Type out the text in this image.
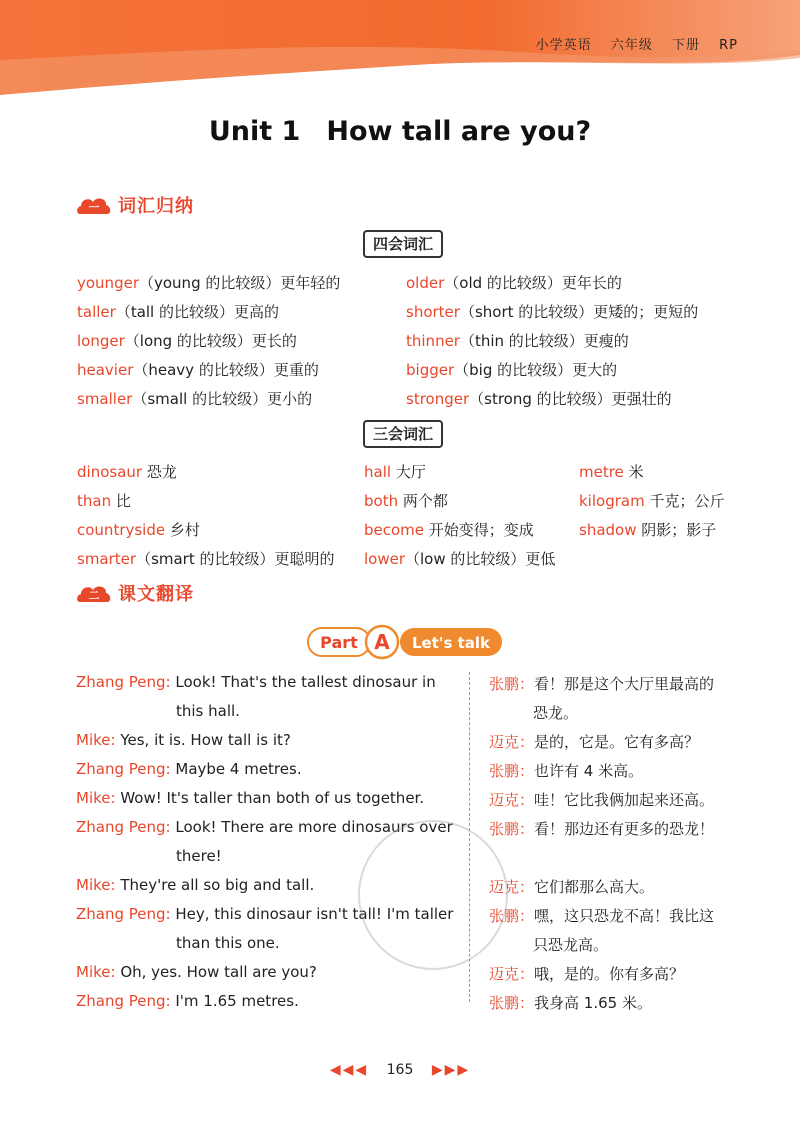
小学英语 六年级 下册 RP
Unit 1 How tall are you?
一 词汇归纳
四会词汇
younger（young 的比较级）更年轻的
taller（tall 的比较级）更高的
longer（long 的比较级）更长的
heavier（heavy 的比较级）更重的
smaller（small 的比较级）更小的
older（old 的比较级）更年长的
shorter（short 的比较级）更矮的；更短的
thinner（thin 的比较级）更瘦的
bigger（big 的比较级）更大的
stronger（strong 的比较级）更强壮的
三会词汇
dinosaur 恐龙
than 比
countryside 乡村
smarter（smart 的比较级）更聪明的
hall 大厅
both 两个都
become 开始变得；变成
lower（low 的比较级）更低
metre 米
kilogram 千克；公斤
shadow 阴影；影子
二 课文翻译
Part A Let's talk
Zhang Peng: Look! That's the tallest dinosaur in
this hall.
Mike: Yes, it is. How tall is it?
Zhang Peng: Maybe 4 metres.
Mike: Wow! It's taller than both of us together.
Zhang Peng: Look! There are more dinosaurs over
there!
Mike: They're all so big and tall.
Zhang Peng: Hey, this dinosaur isn't tall! I'm taller
than this one.
Mike: Oh, yes. How tall are you?
Zhang Peng: I'm 1.65 metres.
张鹏：看！那是这个大厅里最高的
恐龙。
迈克：是的，它是。它有多高？
张鹏：也许有 4 米高。
迈克：哇！它比我俩加起来还高。
张鹏：看！那边还有更多的恐龙！
迈克：它们都那么高大。
张鹏：嘿，这只恐龙不高！我比这
只恐龙高。
迈克：哦，是的。你有多高？
张鹏：我身高 1.65 米。
◀◀◀ 165 ▶▶▶
